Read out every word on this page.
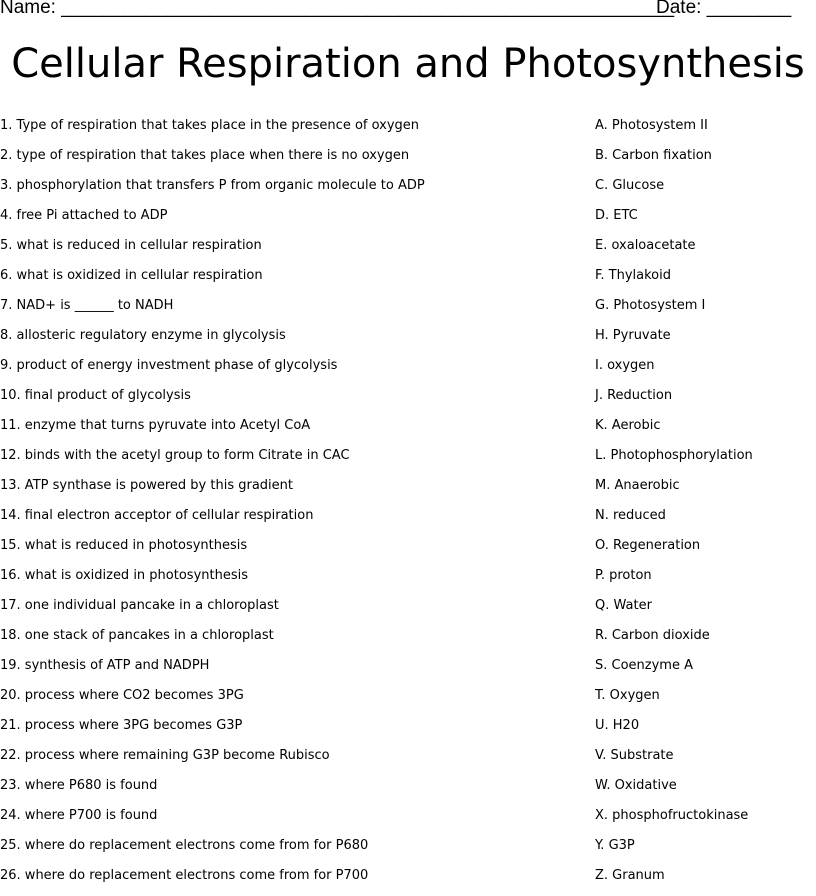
Name: __________________________________________________________
Date: ________
Cellular Respiration and Photosynthesis
1. Type of respiration that takes place in the presence of oxygen
2. type of respiration that takes place when there is no oxygen
3. phosphorylation that transfers P from organic molecule to ADP
4. free Pi attached to ADP
5. what is reduced in cellular respiration
6. what is oxidized in cellular respiration
7. NAD+ is ______ to NADH
8. allosteric regulatory enzyme in glycolysis
9. product of energy investment phase of glycolysis
10. final product of glycolysis
11. enzyme that turns pyruvate into Acetyl CoA
12. binds with the acetyl group to form Citrate in CAC
13. ATP synthase is powered by this gradient
14. final electron acceptor of cellular respiration
15. what is reduced in photosynthesis
16. what is oxidized in photosynthesis
17. one individual pancake in a chloroplast
18. one stack of pancakes in a chloroplast
19. synthesis of ATP and NADPH
20. process where CO2 becomes 3PG
21. process where 3PG becomes G3P
22. process where remaining G3P become Rubisco
23. where P680 is found
24. where P700 is found
25. where do replacement electrons come from for P680
26. where do replacement electrons come from for P700
A. Photosystem II
B. Carbon fixation
C. Glucose
D. ETC
E. oxaloacetate
F. Thylakoid
G. Photosystem I
H. Pyruvate
I. oxygen
J. Reduction
K. Aerobic
L. Photophosphorylation
M. Anaerobic
N. reduced
O. Regeneration
P. proton
Q. Water
R. Carbon dioxide
S. Coenzyme A
T. Oxygen
U. H20
V. Substrate
W. Oxidative
X. phosphofructokinase
Y. G3P
Z. Granum
